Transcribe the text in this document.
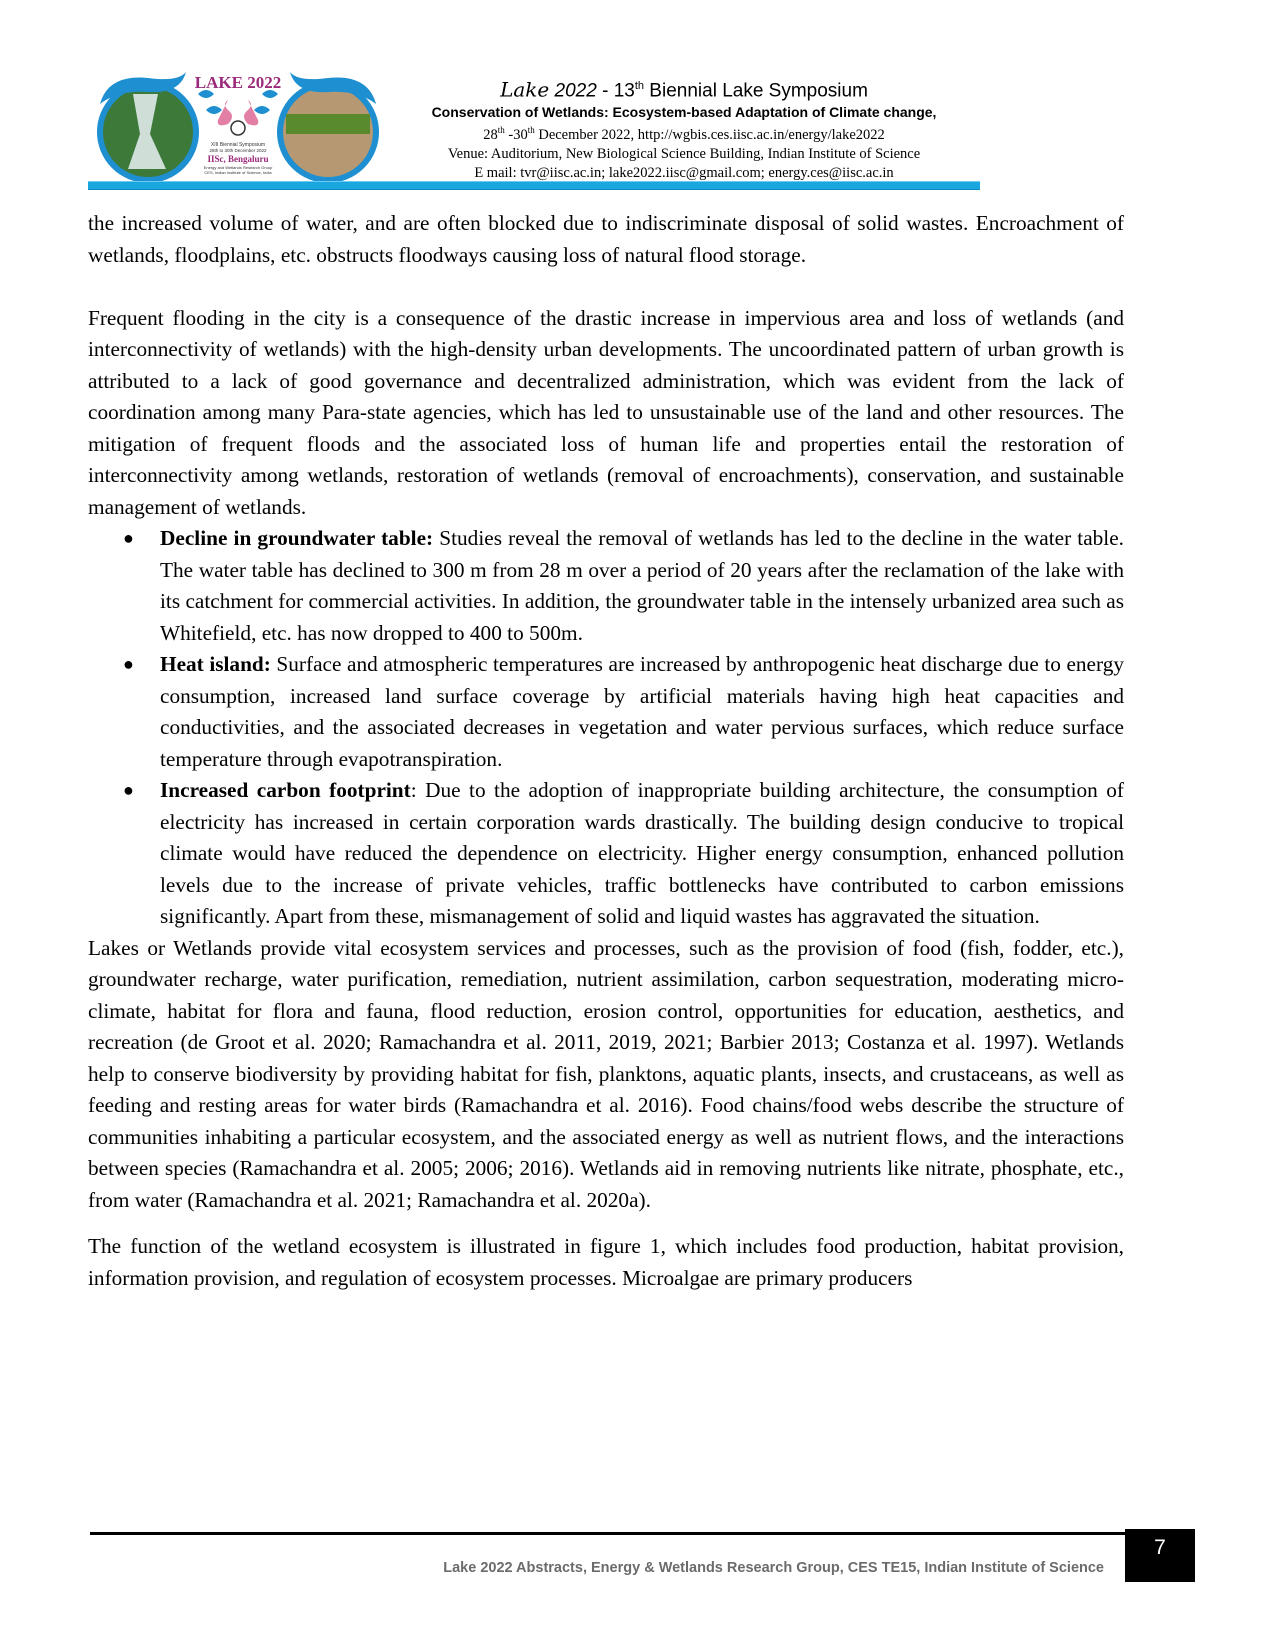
LAKE 2022
XIII Biennial Symposium
28th to 30th December 2022
IISc, Bengaluru
Energy and Wetlands Research Group
CES, Indian Institute of Science, India
Lake 2022 - 13th Biennial Lake Symposium
Conservation of Wetlands: Ecosystem-based Adaptation of Climate change,
28th -30th December 2022, http://wgbis.ces.iisc.ac.in/energy/lake2022
Venue: Auditorium, New Biological Science Building, Indian Institute of Science
E mail: tvr@iisc.ac.in; lake2022.iisc@gmail.com; energy.ces@iisc.ac.in

the increased volume of water, and are often blocked due to indiscriminate disposal of solid wastes. Encroachment of wetlands, floodplains, etc. obstructs floodways causing loss of natural flood storage.

Frequent flooding in the city is a consequence of the drastic increase in impervious area and loss of wetlands (and interconnectivity of wetlands) with the high-density urban developments. The uncoordinated pattern of urban growth is attributed to a lack of good governance and decentralized administration, which was evident from the lack of coordination among many Para-state agencies, which has led to unsustainable use of the land and other resources. The mitigation of frequent floods and the associated loss of human life and properties entail the restoration of interconnectivity among wetlands, restoration of wetlands (removal of encroachments), conservation, and sustainable management of wetlands.

● Decline in groundwater table: Studies reveal the removal of wetlands has led to the decline in the water table. The water table has declined to 300 m from 28 m over a period of 20 years after the reclamation of the lake with its catchment for commercial activities. In addition, the groundwater table in the intensely urbanized area such as Whitefield, etc. has now dropped to 400 to 500m.
● Heat island: Surface and atmospheric temperatures are increased by anthropogenic heat discharge due to energy consumption, increased land surface coverage by artificial materials having high heat capacities and conductivities, and the associated decreases in vegetation and water pervious surfaces, which reduce surface temperature through evapotranspiration.
● Increased carbon footprint: Due to the adoption of inappropriate building architecture, the consumption of electricity has increased in certain corporation wards drastically. The building design conducive to tropical climate would have reduced the dependence on electricity. Higher energy consumption, enhanced pollution levels due to the increase of private vehicles, traffic bottlenecks have contributed to carbon emissions significantly. Apart from these, mismanagement of solid and liquid wastes has aggravated the situation.

Lakes or Wetlands provide vital ecosystem services and processes, such as the provision of food (fish, fodder, etc.), groundwater recharge, water purification, remediation, nutrient assimilation, carbon sequestration, moderating micro-climate, habitat for flora and fauna, flood reduction, erosion control, opportunities for education, aesthetics, and recreation (de Groot et al. 2020; Ramachandra et al. 2011, 2019, 2021; Barbier 2013; Costanza et al. 1997). Wetlands help to conserve biodiversity by providing habitat for fish, planktons, aquatic plants, insects, and crustaceans, as well as feeding and resting areas for water birds (Ramachandra et al. 2016). Food chains/food webs describe the structure of communities inhabiting a particular ecosystem, and the associated energy as well as nutrient flows, and the interactions between species (Ramachandra et al. 2005; 2006; 2016). Wetlands aid in removing nutrients like nitrate, phosphate, etc., from water (Ramachandra et al. 2021; Ramachandra et al. 2020a).

The function of the wetland ecosystem is illustrated in figure 1, which includes food production, habitat provision, information provision, and regulation of ecosystem processes. Microalgae are primary producers

Lake 2022 Abstracts, Energy & Wetlands Research Group, CES TE15, Indian Institute of Science
7
